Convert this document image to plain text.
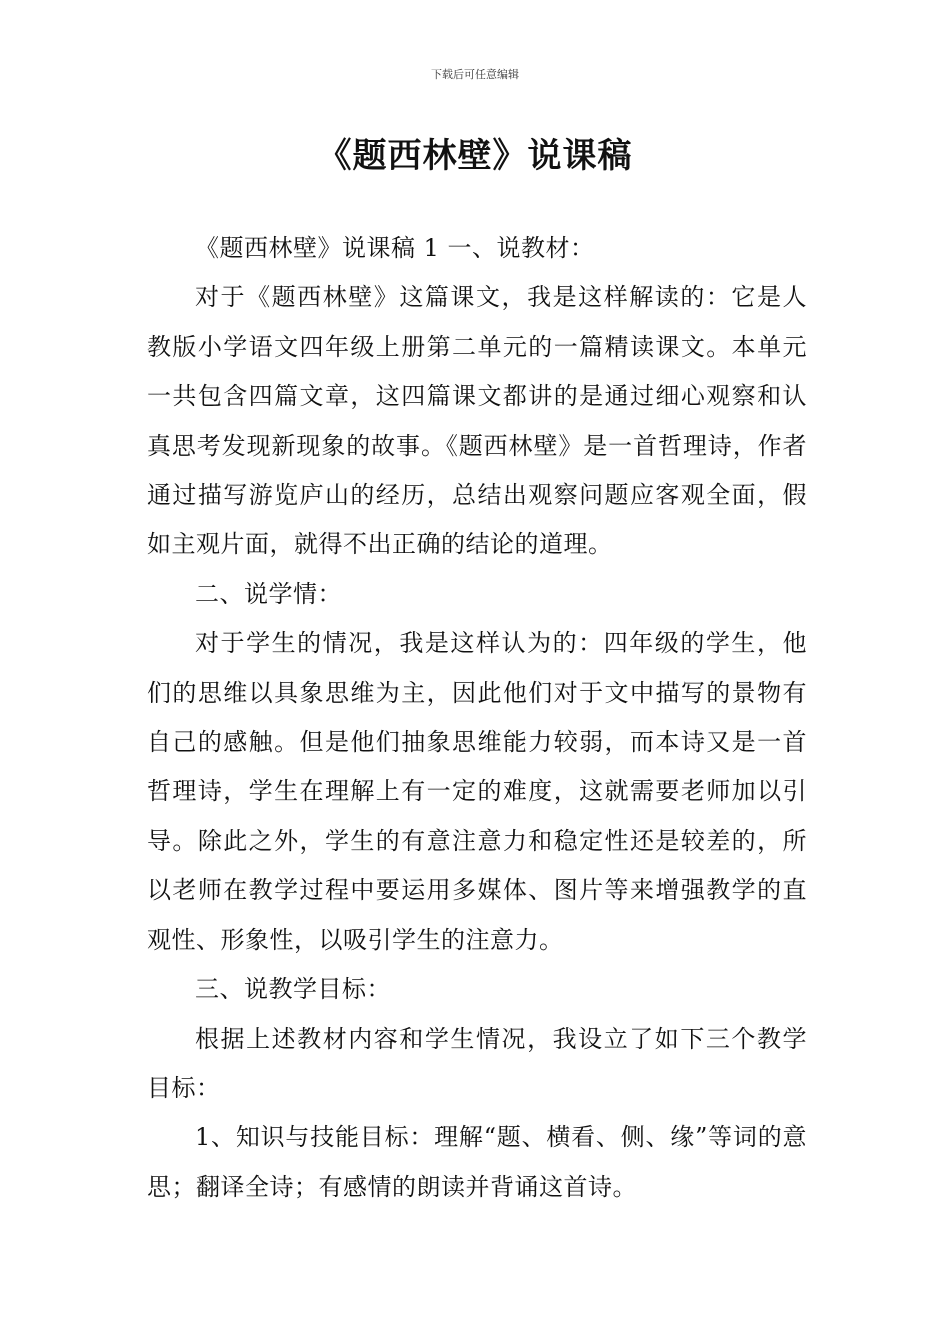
下载后可任意编辑
《题西林壁》说课稿

《题西林壁》说课稿 1 一、说教材：

对于《题西林壁》这篇课文，我是这样解读的：它是人教版小学语文四年级上册第二单元的一篇精读课文。本单元一共包含四篇文章，这四篇课文都讲的是通过细心观察和认真思考发现新现象的故事。《题西林壁》是一首哲理诗，作者通过描写游览庐山的经历，总结出观察问题应客观全面，假如主观片面，就得不出正确的结论的道理。

二、说学情：

对于学生的情况，我是这样认为的：四年级的学生，他们的思维以具象思维为主，因此他们对于文中描写的景物有自己的感触。但是他们抽象思维能力较弱，而本诗又是一首哲理诗，学生在理解上有一定的难度，这就需要老师加以引导。除此之外，学生的有意注意力和稳定性还是较差的，所以老师在教学过程中要运用多媒体、图片等来增强教学的直观性、形象性，以吸引学生的注意力。

三、说教学目标：

根据上述教材内容和学生情况，我设立了如下三个教学目标：

1、知识与技能目标：理解“题、横看、侧、缘”等词的意思；翻译全诗；有感情的朗读并背诵这首诗。
